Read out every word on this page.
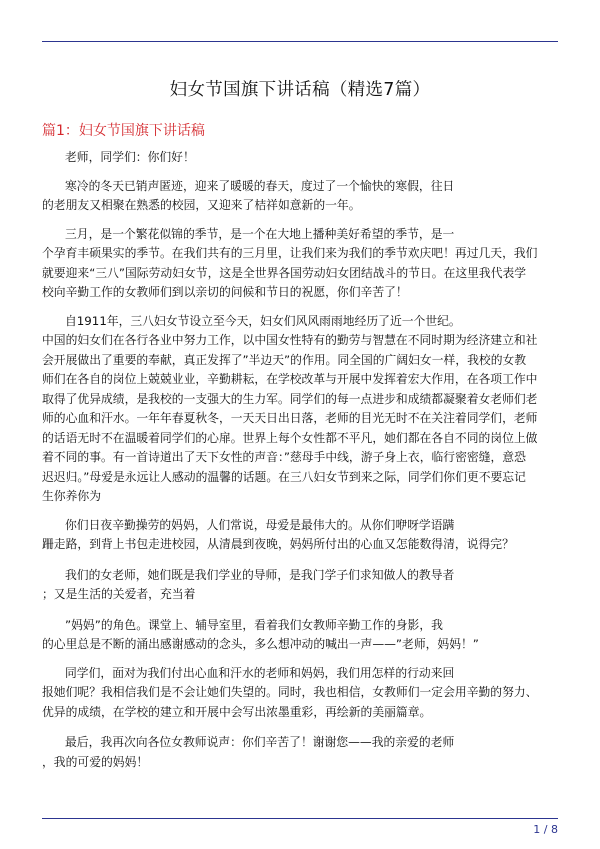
妇女节国旗下讲话稿（精选7篇）
篇1：妇女节国旗下讲话稿

老师，同学们：你们好！

寒冷的冬天已销声匿迹，迎来了暖暖的春天，度过了一个愉快的寒假，往日

的老朋友又相聚在熟悉的校园，又迎来了桔祥如意新的一年。

三月，是一个繁花似锦的季节，是一个在大地上播种美好希望的季节，是一

个孕育丰硕果实的季节。在我们共有的三月里，让我们来为我们的季节欢庆吧！再过几天，我们

就要迎来“三八”国际劳动妇女节，这是全世界各国劳动妇女团结战斗的节日。在这里我代表学

校向辛勤工作的女教师们到以亲切的问候和节日的祝愿，你们辛苦了！

自1911年，三八妇女节设立至今天，妇女们风风雨雨地经历了近一个世纪。

中国的妇女们在各行各业中努力工作，以中国女性特有的勤劳与智慧在不同时期为经济建立和社

会开展做出了重要的奉献，真正发挥了”半边天”的作用。同全国的广阔妇女一样，我校的女教

师们在各自的岗位上兢兢业业，辛勤耕耘，在学校改革与开展中发挥着宏大作用，在各项工作中

取得了优异成绩，是我校的一支强大的生力军。同学们的每一点进步和成绩都凝聚着女老师们老

师的心血和汗水。一年年春夏秋冬，一天天日出日落，老师的目光无时不在关注着同学们，老师

的话语无时不在温暖着同学们的心扉。世界上每个女性都不平凡，她们都在各自不同的岗位上做

着不同的事。有一首诗道出了天下女性的声音：”慈母手中线，游子身上衣，临行密密缝，意恐

迟迟归。”母爱是永远让人感动的温馨的话题。在三八妇女节到来之际，同学们你们更不要忘记

生你养你为

你们日夜辛勤操劳的妈妈，人们常说，母爱是最伟大的。从你们咿呀学语蹒

跚走路，到背上书包走进校园，从清晨到夜晚，妈妈所付出的心血又怎能数得清，说得完？

我们的女老师，她们既是我们学业的导师，是我门学子们求知做人的教导者

；又是生活的关爱者，充当着

”妈妈”的角色。课堂上、辅导室里，看着我们女教师辛勤工作的身影，我

的心里总是不断的涌出感谢感动的念头，多么想冲动的喊出一声——”老师，妈妈！”

同学们，面对为我们付出心血和汗水的老师和妈妈，我们用怎样的行动来回

报她们呢？我相信我们是不会让她们失望的。同时，我也相信，女教师们一定会用辛勤的努力、

优异的成绩，在学校的建立和开展中会写出浓墨重彩，再绘新的美丽篇章。

最后，我再次向各位女教师说声：你们辛苦了！谢谢您——我的亲爱的老师

，我的可爱的妈妈！

1 / 8
